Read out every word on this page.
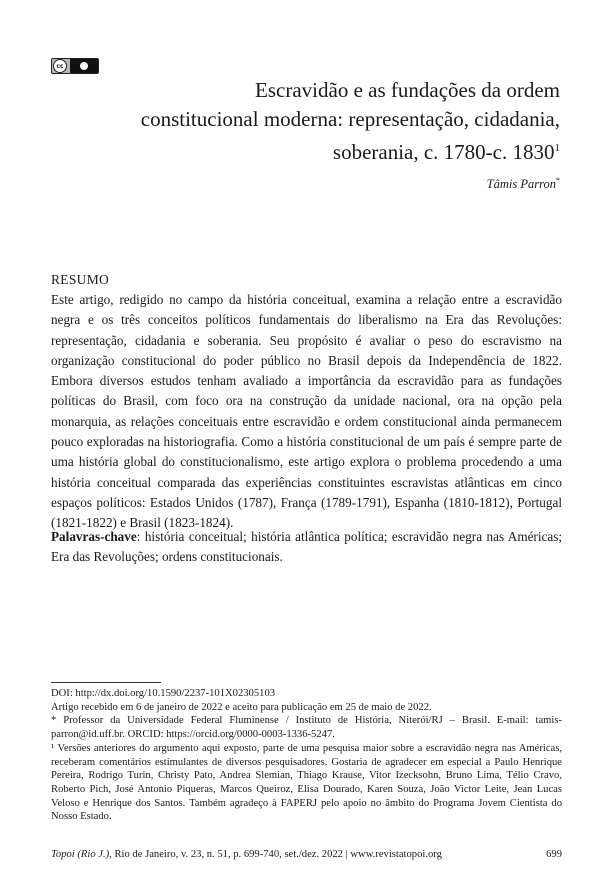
cc
Escravidão e as fundações da ordem constitucional moderna: representação, cidadania, soberania, c. 1780-c. 1830$^1$
Tâmis Parron*
RESUMO

Este artigo, redigido no campo da história conceitual, examina a relação entre a escravidão negra e os três conceitos políticos fundamentais do liberalismo na Era das Revoluções: representação, cidadania e soberania. Seu propósito é avaliar o peso do escravismo na organização constitucional do poder público no Brasil depois da Independência de 1822. Embora diversos estudos tenham avaliado a importância da escravidão para as fundações políticas do Brasil, com foco ora na construção da unidade nacional, ora na opção pela monarquia, as relações conceituais entre escravidão e ordem constitucional ainda permanecem pouco exploradas na historiografia. Como a história constitucional de um país é sempre parte de uma história global do constitucionalismo, este artigo explora o problema procedendo a uma história conceitual comparada das experiências constituintes escravistas atlânticas em cinco espaços políticos: Estados Unidos (1787), França (1789-1791), Espanha (1810-1812), Portugal (1821-1822) e Brasil (1823-1824).

Palavras-chave: história conceitual; história atlântica política; escravidão negra nas Américas; Era das Revoluções; ordens constitucionais.

DOI: http://dx.doi.org/10.1590/2237-101X02305103

Artigo recebido em 6 de janeiro de 2022 e aceito para publicação em 25 de maio de 2022.

* Professor da Universidade Federal Fluminense / Instituto de História, Niterói/RJ – Brasil. E-mail: tamis-parron@id.uff.br. ORCID: https://orcid.org/0000-0003-1336-5247.

¹ Versões anteriores do argumento aqui exposto, parte de uma pesquisa maior sobre a escravidão negra nas Américas, receberam comentários estimulantes de diversos pesquisadores. Gostaria de agradecer em especial a Paulo Henrique Pereira, Rodrigo Turin, Christy Pato, Andrea Slemian, Thiago Krause, Vitor Izecksohn, Bruno Lima, Télio Cravo, Roberto Pich, José Antonio Piqueras, Marcos Queiroz, Elisa Dourado, Karen Souza, João Victor Leite, Jean Lucas Veloso e Henrique dos Santos. Também agradeço à FAPERJ pelo apoio no âmbito do Programa Jovem Cientista do Nosso Estado.

Topoi (Rio J.), Rio de Janeiro, v. 23, n. 51, p. 699-740, set./dez. 2022 | www.revistatopoi.org	699
